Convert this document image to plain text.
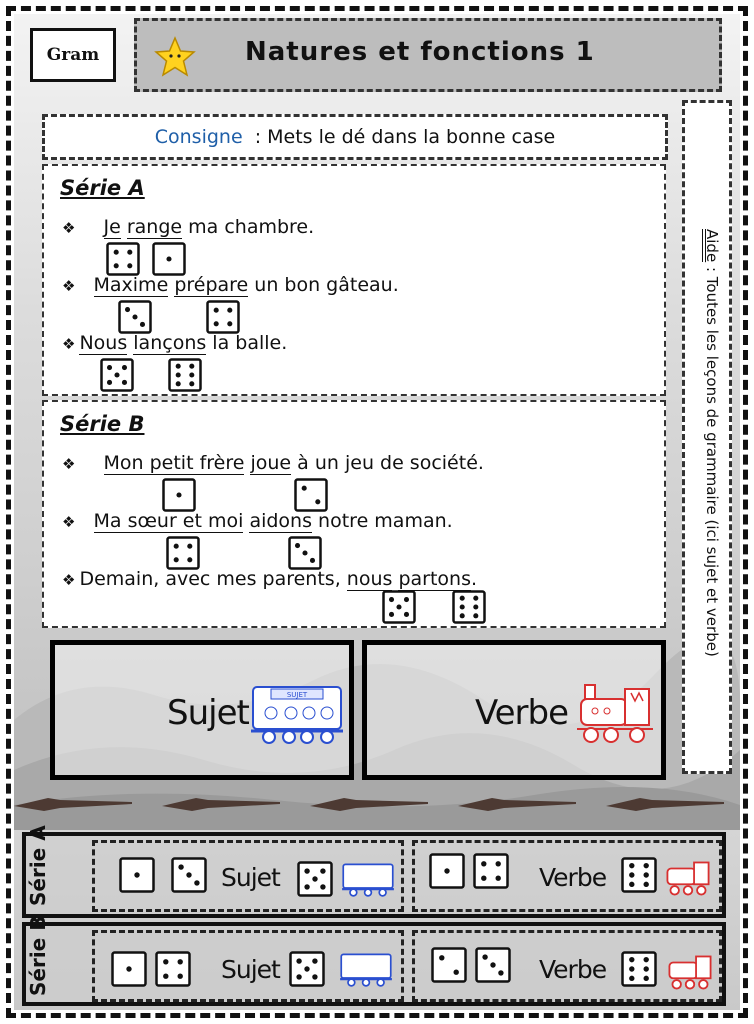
Gram	Natures et fonctions 1
Consigne : Mets le dé dans la bonne case
Aide : Toutes les leçons de grammaire (ici sujet et verbe)
Série A
❖ Je range ma chambre.
❖ Maxime prépare un bon gâteau.
❖ Nous lançons la balle.
Série B
❖ Mon petit frère joue à un jeu de société.
❖ Ma sœur et moi aidons notre maman.
❖ Demain, avec mes parents, nous partons.
Sujet	SUJET	Verbe
Série A
Sujet	Verbe
Série B
Sujet	Verbe
